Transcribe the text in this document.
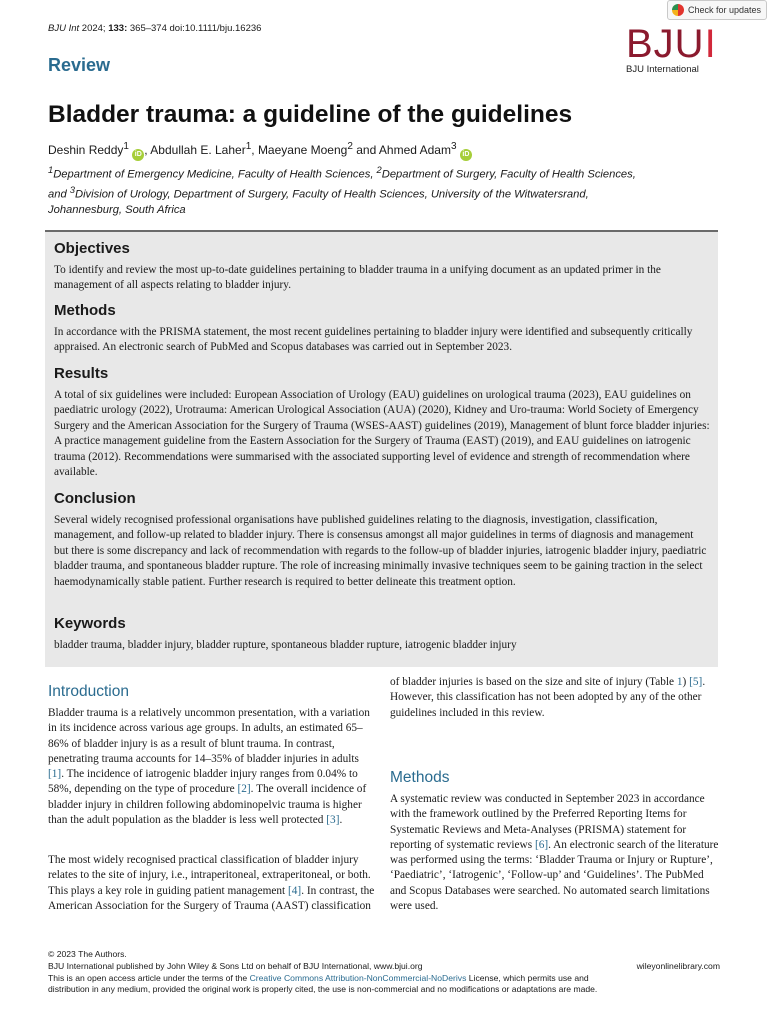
BJU Int 2024; 133: 365–374 doi:10.1111/bju.16236
Review
Check for updates
BJUI
BJU International
Bladder trauma: a guideline of the guidelines
Deshin Reddy$^1$ iD , Abdullah E. Laher$^1$, Maeyane Moeng$^2$ and Ahmed Adam$^3$ iD
$^1$Department of Emergency Medicine, Faculty of Health Sciences, $^2$Department of Surgery, Faculty of Health Sciences,
and $^3$Division of Urology, Department of Surgery, Faculty of Health Sciences, University of the Witwatersrand,
Johannesburg, South Africa
Objectives
To identify and review the most up-to-date guidelines pertaining to bladder trauma in a unifying document as an updated primer in the management of all aspects relating to bladder injury.
Methods
In accordance with the PRISMA statement, the most recent guidelines pertaining to bladder injury were identified and subsequently critically appraised. An electronic search of PubMed and Scopus databases was carried out in September 2023.
Results
A total of six guidelines were included: European Association of Urology (EAU) guidelines on urological trauma (2023), EAU guidelines on paediatric urology (2022), Urotrauma: American Urological Association (AUA) (2020), Kidney and Uro-trauma: World Society of Emergency Surgery and the American Association for the Surgery of Trauma (WSES-AAST) guidelines (2019), Management of blunt force bladder injuries: A practice management guideline from the Eastern Association for the Surgery of Trauma (EAST) (2019), and EAU guidelines on iatrogenic trauma (2012). Recommendations were summarised with the associated supporting level of evidence and strength of recommendation where available.
Conclusion
Several widely recognised professional organisations have published guidelines relating to the diagnosis, investigation, classification, management, and follow-up related to bladder injury. There is consensus amongst all major guidelines in terms of diagnosis and management but there is some discrepancy and lack of recommendation with regards to the follow-up of bladder injuries, iatrogenic bladder injury, paediatric bladder trauma, and spontaneous bladder rupture. The role of increasing minimally invasive techniques seem to be gaining traction in the select haemodynamically stable patient. Further research is required to better delineate this treatment option.
Keywords
bladder trauma, bladder injury, bladder rupture, spontaneous bladder rupture, iatrogenic bladder injury
Introduction
Bladder trauma is a relatively uncommon presentation, with a variation in its incidence across various age groups. In adults, an estimated 65–86% of bladder injury is as a result of blunt trauma. In contrast, penetrating trauma accounts for 14–35% of bladder injuries in adults [1]. The incidence of iatrogenic bladder injury ranges from 0.04% to 58%, depending on the type of procedure [2]. The overall incidence of bladder injury in children following abdominopelvic trauma is higher than the adult population as the bladder is less well protected [3].
The most widely recognised practical classification of bladder injury relates to the site of injury, i.e., intraperitoneal, extraperitoneal, or both. This plays a key role in guiding patient management [4]. In contrast, the American Association for the Surgery of Trauma (AAST) classification
of bladder injuries is based on the size and site of injury (Table 1) [5]. However, this classification has not been adopted by any of the other guidelines included in this review.
Methods
A systematic review was conducted in September 2023 in accordance with the framework outlined by the Preferred Reporting Items for Systematic Reviews and Meta-Analyses (PRISMA) statement for reporting of systematic reviews [6]. An electronic search of the literature was performed using the terms: ‘Bladder Trauma or Injury or Rupture’, ‘Paediatric’, ‘Iatrogenic’, ‘Follow-up’ and ‘Guidelines’. The PubMed and Scopus Databases were searched. No automated search limitations were used.
© 2023 The Authors.
BJU International published by John Wiley & Sons Ltd on behalf of BJU International, www.bjui.org	wileyonlinelibrary.com
This is an open access article under the terms of the Creative Commons Attribution-NonCommercial-NoDerivs License, which permits use and
distribution in any medium, provided the original work is properly cited, the use is non-commercial and no modifications or adaptations are made.
